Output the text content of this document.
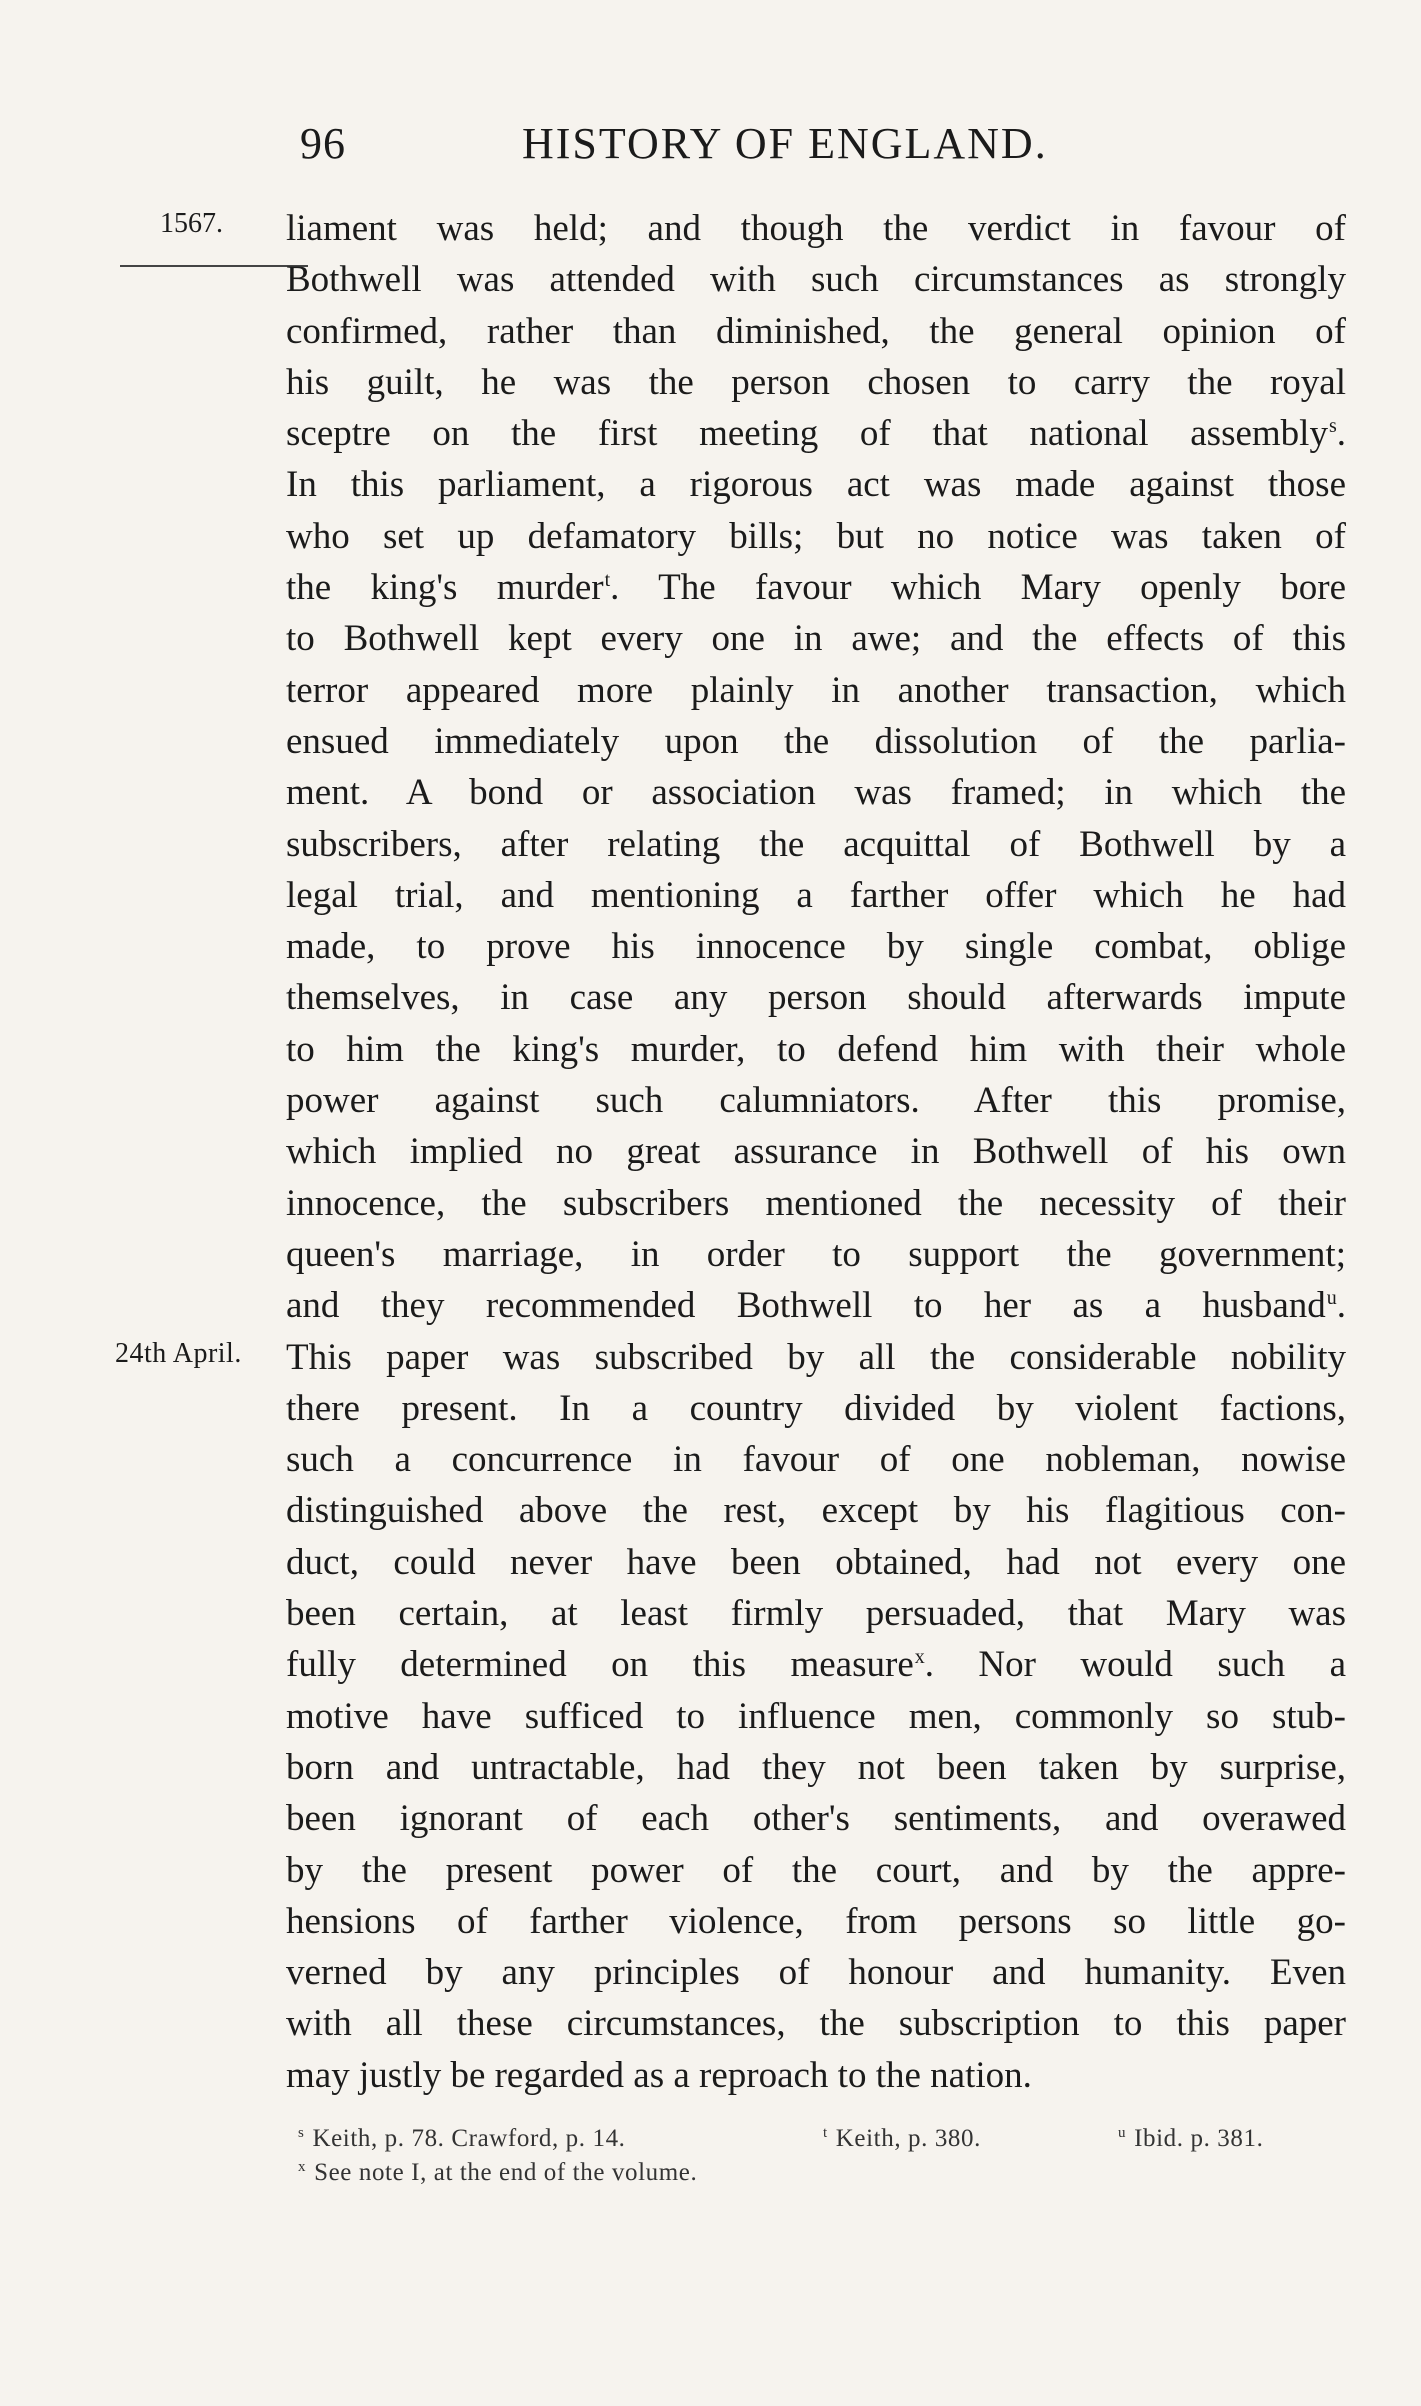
96	HISTORY OF ENGLAND.
1567.
24th April.
liament was held; and though the verdict in favour of
Bothwell was attended with such circumstances as strongly
confirmed, rather than diminished, the general opinion of
his guilt, he was the person chosen to carry the royal
sceptre on the first meeting of that national assembly$^s$.
In this parliament, a rigorous act was made against those
who set up defamatory bills; but no notice was taken of
the king's murder$^t$. The favour which Mary openly bore
to Bothwell kept every one in awe; and the effects of this
terror appeared more plainly in another transaction, which
ensued immediately upon the dissolution of the parlia-
ment. A bond or association was framed; in which the
subscribers, after relating the acquittal of Bothwell by a
legal trial, and mentioning a farther offer which he had
made, to prove his innocence by single combat, oblige
themselves, in case any person should afterwards impute
to him the king's murder, to defend him with their whole
power against such calumniators. After this promise,
which implied no great assurance in Bothwell of his own
innocence, the subscribers mentioned the necessity of their
queen's marriage, in order to support the government;
and they recommended Bothwell to her as a husband$^u$.
This paper was subscribed by all the considerable nobility
there present. In a country divided by violent factions,
such a concurrence in favour of one nobleman, nowise
distinguished above the rest, except by his flagitious con-
duct, could never have been obtained, had not every one
been certain, at least firmly persuaded, that Mary was
fully determined on this measure$^x$. Nor would such a
motive have sufficed to influence men, commonly so stub-
born and untractable, had they not been taken by surprise,
been ignorant of each other's sentiments, and overawed
by the present power of the court, and by the appre-
hensions of farther violence, from persons so little go-
verned by any principles of honour and humanity. Even
with all these circumstances, the subscription to this paper
may justly be regarded as a reproach to the nation.
$^s$ Keith, p. 78. Crawford, p. 14.	$^t$ Keith, p. 380.	$^u$ Ibid. p. 381.
$^x$ See note I, at the end of the volume.
